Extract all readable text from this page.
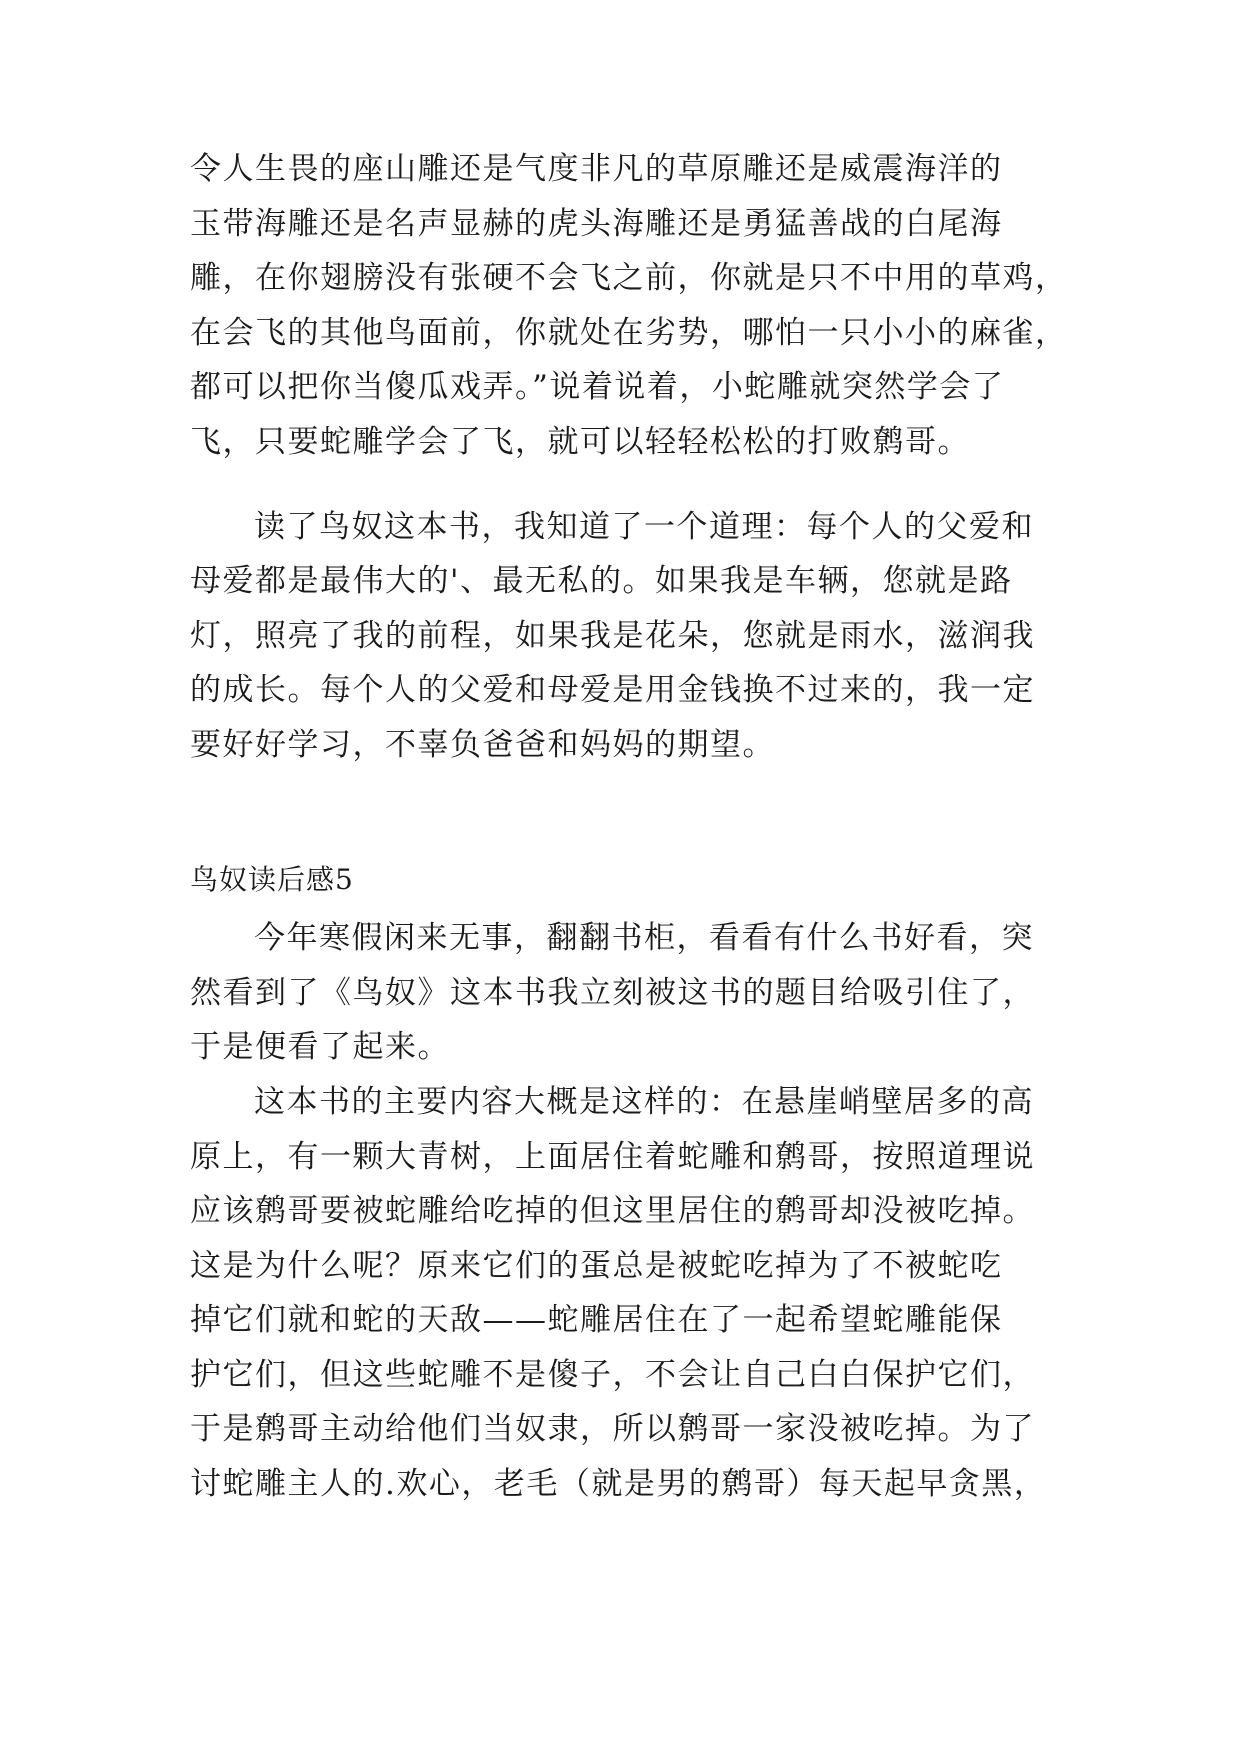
令人生畏的座山雕还是气度非凡的草原雕还是威震海洋的
玉带海雕还是名声显赫的虎头海雕还是勇猛善战的白尾海
雕，在你翅膀没有张硬不会飞之前，你就是只不中用的草鸡，
在会飞的其他鸟面前，你就处在劣势，哪怕一只小小的麻雀，
都可以把你当傻瓜戏弄。”说着说着，小蛇雕就突然学会了
飞，只要蛇雕学会了飞，就可以轻轻松松的打败鹩哥。
读了鸟奴这本书，我知道了一个道理：每个人的父爱和
母爱都是最伟大的'、最无私的。如果我是车辆，您就是路
灯，照亮了我的前程，如果我是花朵，您就是雨水，滋润我
的成长。每个人的父爱和母爱是用金钱换不过来的，我一定
要好好学习，不辜负爸爸和妈妈的期望。
鸟奴读后感5
今年寒假闲来无事，翻翻书柜，看看有什么书好看，突
然看到了《鸟奴》这本书我立刻被这书的题目给吸引住了，
于是便看了起来。
这本书的主要内容大概是这样的：在悬崖峭壁居多的高
原上，有一颗大青树，上面居住着蛇雕和鹩哥，按照道理说
应该鹩哥要被蛇雕给吃掉的但这里居住的鹩哥却没被吃掉。
这是为什么呢？原来它们的蛋总是被蛇吃掉为了不被蛇吃
掉它们就和蛇的天敌——蛇雕居住在了一起希望蛇雕能保
护它们，但这些蛇雕不是傻子，不会让自己白白保护它们，
于是鹩哥主动给他们当奴隶，所以鹩哥一家没被吃掉。为了
讨蛇雕主人的.欢心，老毛（就是男的鹩哥）每天起早贪黑，
